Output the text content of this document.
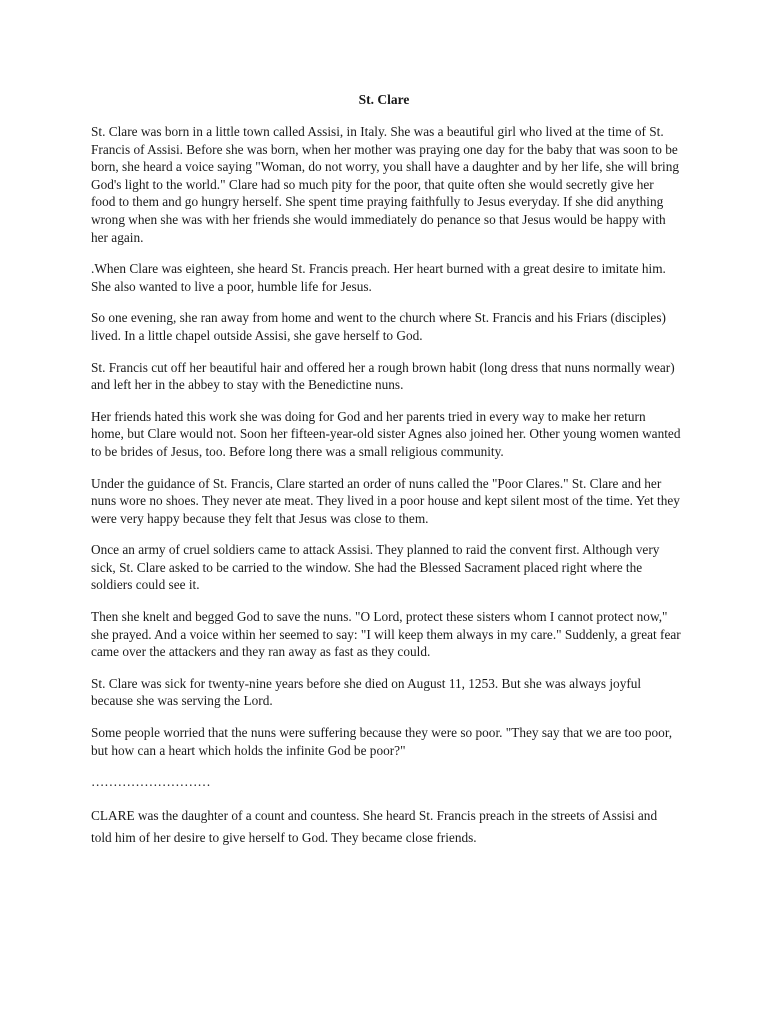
St. Clare

St. Clare was born in a little town called Assisi, in Italy. She was a beautiful girl who lived at the time of St. Francis of Assisi. Before she was born, when her mother was praying one day for the baby that was soon to be born, she heard a voice saying "Woman, do not worry, you shall have a daughter and by her life, she will bring God's light to the world." Clare had so much pity for the poor, that quite often she would secretly give her food to them and go hungry herself. She spent time praying faithfully to Jesus everyday. If she did anything wrong when she was with her friends she would immediately do penance so that Jesus would be happy with her again.

.When Clare was eighteen, she heard St. Francis preach. Her heart burned with a great desire to imitate him. She also wanted to live a poor, humble life for Jesus.

So one evening, she ran away from home and went to the church where St. Francis and his Friars (disciples) lived. In a little chapel outside Assisi, she gave herself to God.

St. Francis cut off her beautiful hair and offered her a rough brown habit (long dress that nuns normally wear) and left her in the abbey to stay with the Benedictine nuns.

Her friends hated this work she was doing for God and her parents tried in every way to make her return home, but Clare would not. Soon her fifteen-year-old sister Agnes also joined her. Other young women wanted to be brides of Jesus, too. Before long there was a small religious community.

Under the guidance of St. Francis, Clare started an order of nuns called the "Poor Clares." St. Clare and her nuns wore no shoes. They never ate meat. They lived in a poor house and kept silent most of the time. Yet they were very happy because they felt that Jesus was close to them.

Once an army of cruel soldiers came to attack Assisi. They planned to raid the convent first. Although very sick, St. Clare asked to be carried to the window. She had the Blessed Sacrament placed right where the soldiers could see it.

Then she knelt and begged God to save the nuns. "O Lord, protect these sisters whom I cannot protect now," she prayed. And a voice within her seemed to say: "I will keep them always in my care." Suddenly, a great fear came over the attackers and they ran away as fast as they could.

St. Clare was sick for twenty-nine years before she died on August 11, 1253. But she was always joyful because she was serving the Lord.

Some people worried that the nuns were suffering because they were so poor. "They say that we are too poor, but how can a heart which holds the infinite God be poor?"

………………………

CLARE was the daughter of a count and countess. She heard St. Francis preach in the streets of Assisi and told him of her desire to give herself to God. They became close friends.
